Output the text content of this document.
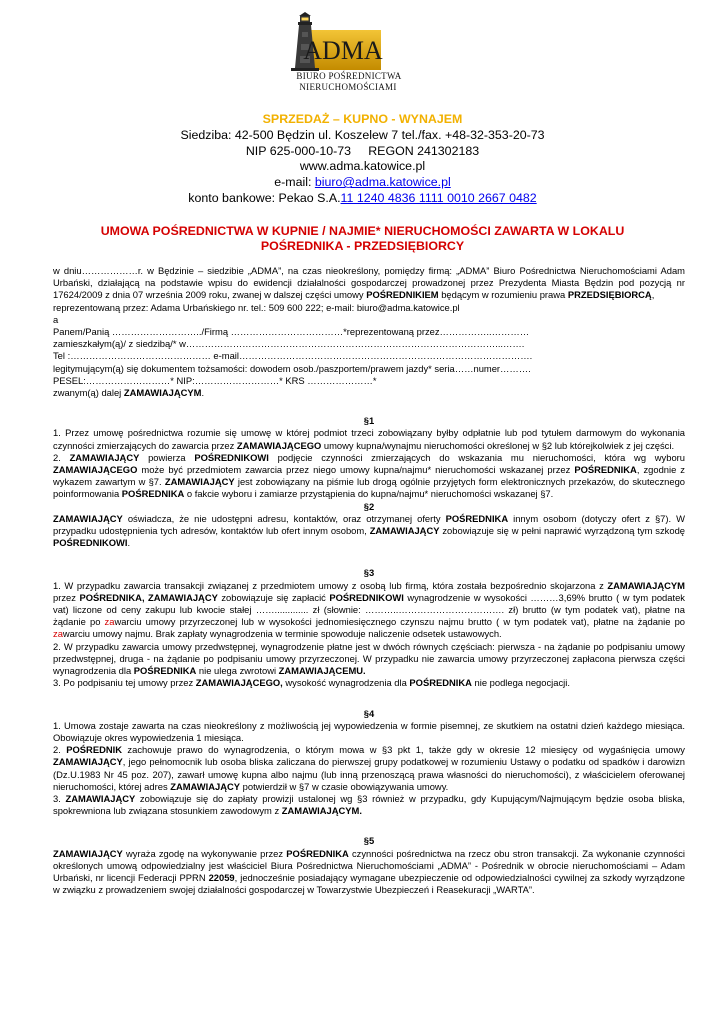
ADMA
BIURO POŚREDNICTWA
NIERUCHOMOŚCIAMI
SPRZEDAŻ – KUPNO - WYNAJEM
Siedziba: 42-500 Będzin ul. Koszelew 7 tel./fax. +48-32-353-20-73
NIP 625-000-10-73     REGON 241302183
www.adma.katowice.pl
e-mail: biuro@adma.katowice.pl
konto bankowe: Pekao S.A.11 1240 4836 1111 0010 2667 0482
UMOWA POŚREDNICTWA W KUPNIE / NAJMIE* NIERUCHOMOŚCI ZAWARTA W LOKALU
POŚREDNIKA - PRZEDSIĘBIORCY

w dniu………………r. w Będzinie – siedzibie „ADMA”, na czas nieokreślony, pomiędzy firmą: „ADMA” Biuro Pośrednictwa Nieruchomościami Adam Urbański, działającą na podstawie wpisu do ewidencji działalności gospodarczej prowadzonej przez Prezydenta Miasta Będzin pod pozycją nr 17624/2009 z dnia 07 września 2009 roku, zwanej w dalszej części umowy POŚREDNIKIEM będącym w rozumieniu prawa PRZEDSIĘBIORCĄ,

reprezentowaną przez: Adama Urbańskiego nr. tel.: 509 600 222; e-mail: biuro@adma.katowice.pl

a

Panem/Panią ………………………../Firmą ………………………………*reprezentowaną przez……………..…………

zamieszkałym(ą)/ z siedzibą/* w………………………………………………………………………………………...…….

Tel :……………………………………… e-mail………………………………………………………………………………….

legitymującym(ą) się dokumentem tożsamości: dowodem osob./paszportem/prawem jazdy* seria……numer……….

PESEL:………………………* NIP:………………………* KRS …………………*

zwanym(ą) dalej ZAMAWIAJĄCYM.

§1

1. Przez umowę pośrednictwa rozumie się umowę w której podmiot trzeci zobowiązany byłby odpłatnie lub pod tytułem darmowym do wykonania czynności zmierzających do zawarcia przez ZAMAWIAJĄCEGO umowy kupna/wynajmu nieruchomości określonej w §2 lub którejkolwiek z jej części.

2. ZAMAWIAJĄCY powierza POŚREDNIKOWI podjęcie czynności zmierzających do wskazania mu nieruchomości, która wg wyboru ZAMAWIAJĄCEGO może być przedmiotem zawarcia przez niego umowy kupna/najmu* nieruchomości wskazanej przez POŚREDNIKA, zgodnie z wykazem zawartym w §7. ZAMAWIAJĄCY jest zobowiązany na piśmie lub drogą ogólnie przyjętych form elektronicznych przekazów, do skutecznego poinformowania POŚREDNIKA o fakcie wyboru i zamiarze przystąpienia do kupna/najmu* nieruchomości wskazanej §7.

§2

ZAMAWIAJĄCY oświadcza, że nie udostępni adresu, kontaktów, oraz otrzymanej oferty POŚREDNIKA innym osobom (dotyczy ofert z §7). W przypadku udostępnienia tych adresów, kontaktów lub ofert innym osobom, ZAMAWIAJĄCY zobowiązuje się w pełni naprawić wyrządzoną tym szkodę POŚREDNIKOWI.

§3

1. W przypadku zawarcia transakcji związanej z przedmiotem umowy z osobą lub firmą, która została bezpośrednio skojarzona z ZAMAWIAJĄCYM przez POŚREDNIKA, ZAMAWIAJĄCY zobowiązuje się zapłacić POŚREDNIKOWI wynagrodzenie w wysokości ………3,69% brutto ( w tym podatek vat) liczone od ceny zakupu lub kwocie stałej ……............. zł (słownie: ………..……………………………. zł) brutto (w tym podatek vat), płatne na żądanie po zawarciu umowy przyrzeczonej lub w wysokości jednomiesięcznego czynszu najmu brutto ( w tym podatek vat), płatne na żądanie po zawarciu umowy najmu. Brak zapłaty wynagrodzenia w terminie spowoduje naliczenie odsetek ustawowych.

2. W przypadku zawarcia umowy przedwstępnej, wynagrodzenie płatne jest w dwóch równych częściach: pierwsza - na żądanie po podpisaniu umowy przedwstępnej, druga - na żądanie po podpisaniu umowy przyrzeczonej. W przypadku nie zawarcia umowy przyrzeczonej zapłacona pierwsza części wynagrodzenia dla POŚREDNIKA nie ulega zwrotowi ZAMAWIAJĄCEMU.

3. Po podpisaniu tej umowy przez ZAMAWIAJĄCEGO, wysokość wynagrodzenia dla POŚREDNIKA nie podlega negocjacji.

§4

1. Umowa zostaje zawarta na czas nieokreślony z możliwością jej wypowiedzenia w formie pisemnej, ze skutkiem na ostatni dzień każdego miesiąca. Obowiązuje okres wypowiedzenia 1 miesiąca.

2. POŚREDNIK zachowuje prawo do wynagrodzenia, o którym mowa w §3 pkt 1, także gdy w okresie 12 miesięcy od wygaśnięcia umowy ZAMAWIAJĄCY, jego pełnomocnik lub osoba bliska zaliczana do pierwszej grupy podatkowej w rozumieniu Ustawy o podatku od spadków i darowizn (Dz.U.1983 Nr 45 poz. 207), zawarł umowę kupna albo najmu (lub inną przenoszącą prawa własności do nieruchomości), z właścicielem oferowanej nieruchomości, której adres ZAMAWIAJĄCY potwierdził w §7 w czasie obowiązywania umowy.

3. ZAMAWIAJĄCY zobowiązuje się do zapłaty prowizji ustalonej wg §3 również w przypadku, gdy Kupującym/Najmującym będzie osoba bliska, spokrewniona lub związana stosunkiem zawodowym z ZAMAWIAJĄCYM.

§5

ZAMAWIAJĄCY wyraża zgodę na wykonywanie przez POŚREDNIKA czynności pośrednictwa na rzecz obu stron transakcji. Za wykonanie czynności określonych umową odpowiedzialny jest właściciel Biura Pośrednictwa Nieruchomościami „ADMA” - Pośrednik w obrocie nieruchomościami – Adam Urbański, nr licencji Federacji PPRN 22059, jednocześnie posiadający wymagane ubezpieczenie od odpowiedzialności cywilnej za szkody wyrządzone w związku z prowadzeniem swojej działalności gospodarczej w Towarzystwie Ubezpieczeń i Reasekuracji „WARTA”.
